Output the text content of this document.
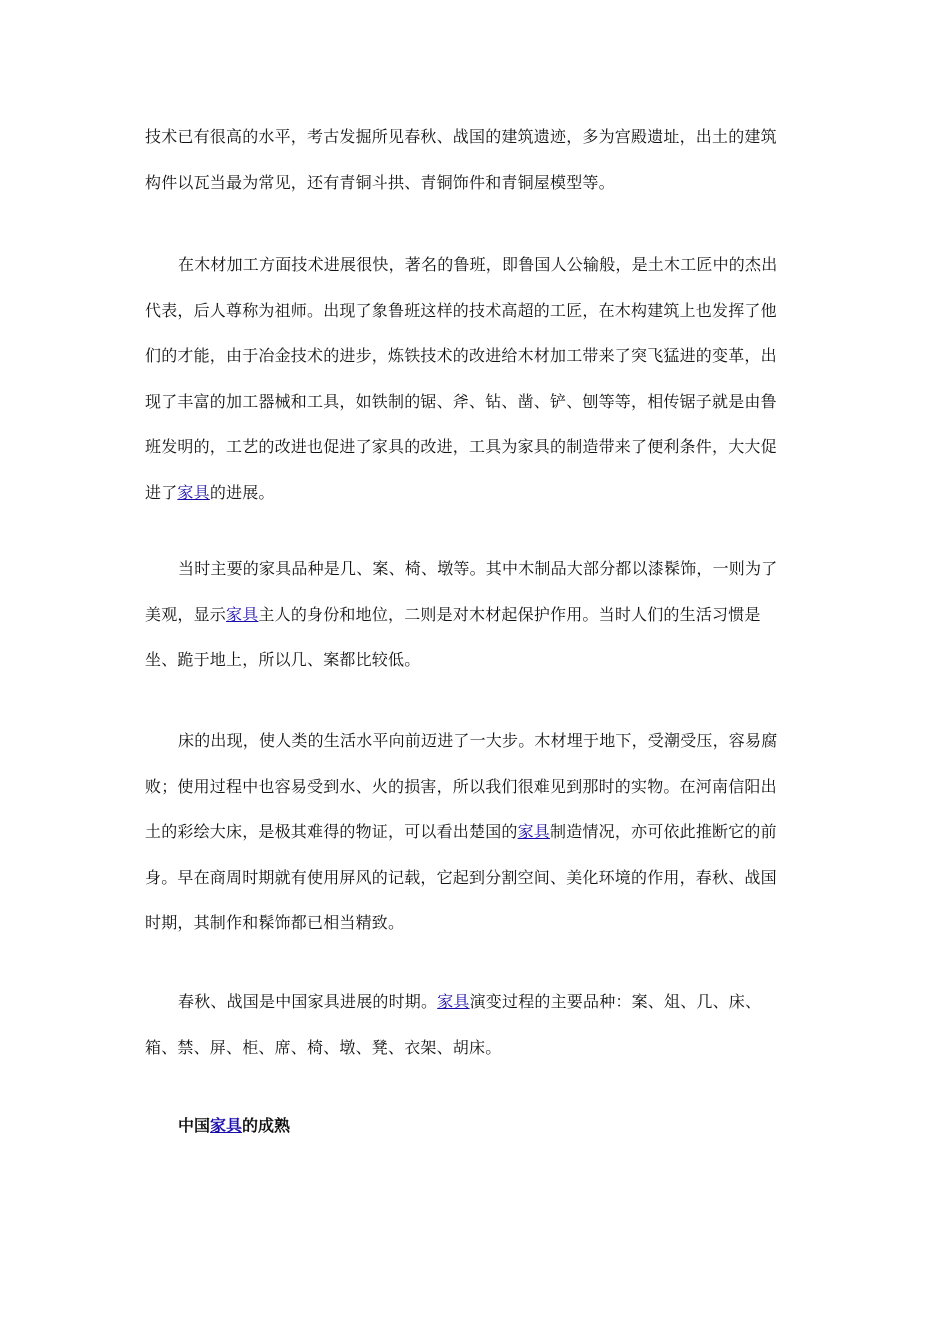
技术已有很高的水平，考古发掘所见春秋、战国的建筑遗迹，多为宫殿遗址，出土的建筑
构件以瓦当最为常见，还有青铜斗拱、青铜饰件和青铜屋模型等。
在木材加工方面技术进展很快，著名的鲁班，即鲁国人公输般，是土木工匠中的杰出
代表，后人尊称为祖师。出现了象鲁班这样的技术高超的工匠，在木构建筑上也发挥了他
们的才能，由于冶金技术的进步，炼铁技术的改进给木材加工带来了突飞猛进的变革，出
现了丰富的加工器械和工具，如铁制的锯、斧、钻、凿、铲、刨等等，相传锯子就是由鲁
班发明的，工艺的改进也促进了家具的改进，工具为家具的制造带来了便利条件，大大促
进了家具的进展。
当时主要的家具品种是几、案、椅、墩等。其中木制品大部分都以漆髹饰，一则为了
美观，显示家具主人的身份和地位，二则是对木材起保护作用。当时人们的生活习惯是
坐、跪于地上，所以几、案都比较低。
床的出现，使人类的生活水平向前迈进了一大步。木材埋于地下，受潮受压，容易腐
败；使用过程中也容易受到水、火的损害，所以我们很难见到那时的实物。在河南信阳出
土的彩绘大床，是极其难得的物证，可以看出楚国的家具制造情况，亦可依此推断它的前
身。早在商周时期就有使用屏风的记载，它起到分割空间、美化环境的作用，春秋、战国
时期，其制作和髹饰都已相当精致。
春秋、战国是中国家具进展的时期。家具演变过程的主要品种：案、俎、几、床、
箱、禁、屏、柜、席、椅、墩、凳、衣架、胡床。

中国家具的成熟
